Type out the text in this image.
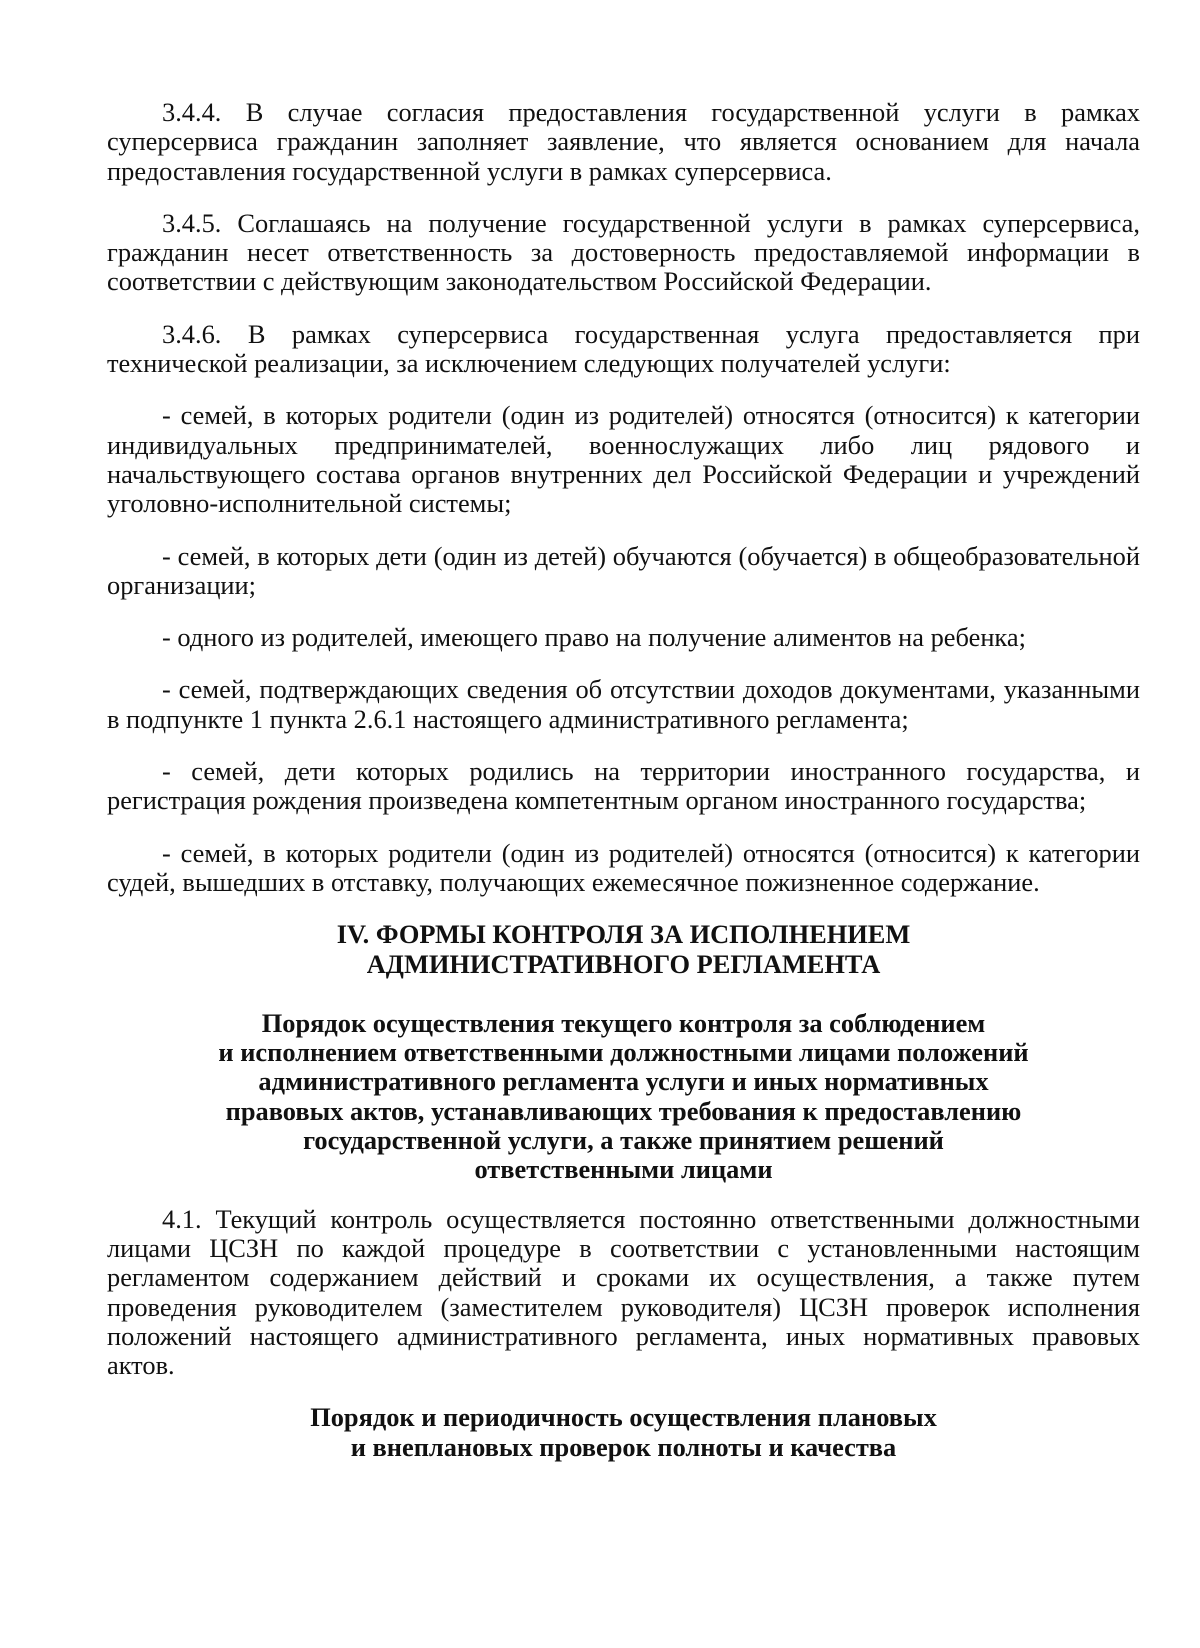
3.4.4. В случае согласия предоставления государственной услуги в рамках суперсервиса гражданин заполняет заявление, что является основанием для начала предоставления государственной услуги в рамках суперсервиса.

3.4.5. Соглашаясь на получение государственной услуги в рамках суперсервиса, гражданин несет ответственность за достоверность предоставляемой информации в соответствии с действующим законодательством Российской Федерации.

3.4.6. В рамках суперсервиса государственная услуга предоставляется при технической реализации, за исключением следующих получателей услуги:

- семей, в которых родители (один из родителей) относятся (относится) к категории индивидуальных предпринимателей, военнослужащих либо лиц рядового и начальствующего состава органов внутренних дел Российской Федерации и учреждений уголовно-исполнительной системы;

- семей, в которых дети (один из детей) обучаются (обучается) в общеобразовательной организации;

- одного из родителей, имеющего право на получение алиментов на ребенка;

- семей, подтверждающих сведения об отсутствии доходов документами, указанными в подпункте 1 пункта 2.6.1 настоящего административного регламента;

- семей, дети которых родились на территории иностранного государства, и регистрация рождения произведена компетентным органом иностранного государства;

- семей, в которых родители (один из родителей) относятся (относится) к категории судей, вышедших в отставку, получающих ежемесячное пожизненное содержание.

IV. ФОРМЫ КОНТРОЛЯ ЗА ИСПОЛНЕНИЕМ
АДМИНИСТРАТИВНОГО РЕГЛАМЕНТА
Порядок осуществления текущего контроля за соблюдением
и исполнением ответственными должностными лицами положений
административного регламента услуги и иных нормативных
правовых актов, устанавливающих требования к предоставлению
государственной услуги, а также принятием решений
ответственными лицами

4.1. Текущий контроль осуществляется постоянно ответственными должностными лицами ЦСЗН по каждой процедуре в соответствии с установленными настоящим регламентом содержанием действий и сроками их осуществления, а также путем проведения руководителем (заместителем руководителя) ЦСЗН проверок исполнения положений настоящего административного регламента, иных нормативных правовых актов.

Порядок и периодичность осуществления плановых
и внеплановых проверок полноты и качества
